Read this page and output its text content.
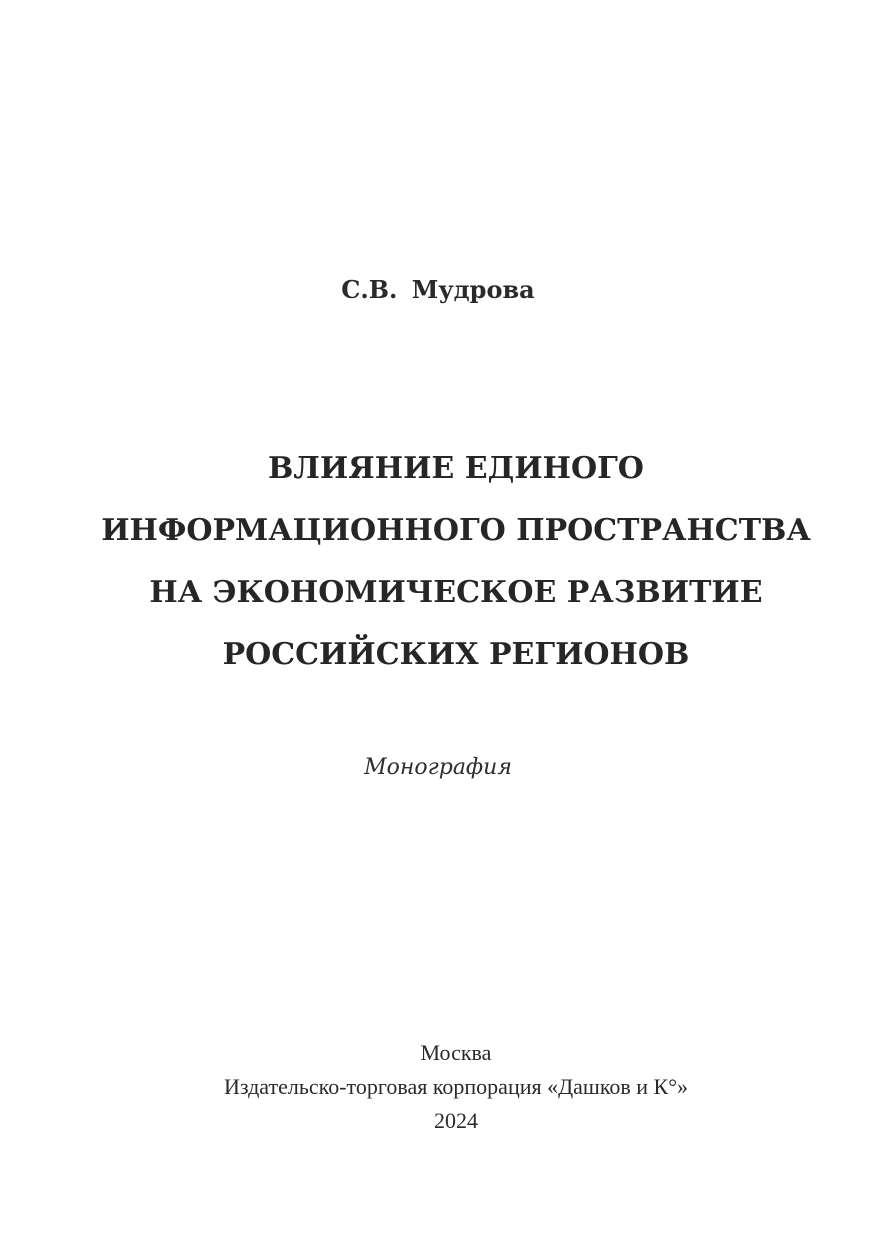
С.В. Мудрова
ВЛИЯНИЕ ЕДИНОГО
ИНФОРМАЦИОННОГО ПРОСТРАНСТВА
НА ЭКОНОМИЧЕСКОЕ РАЗВИТИЕ
РОССИЙСКИХ РЕГИОНОВ
Монография
Москва
Издательско-торговая корпорация «Дашков и К°»
2024
